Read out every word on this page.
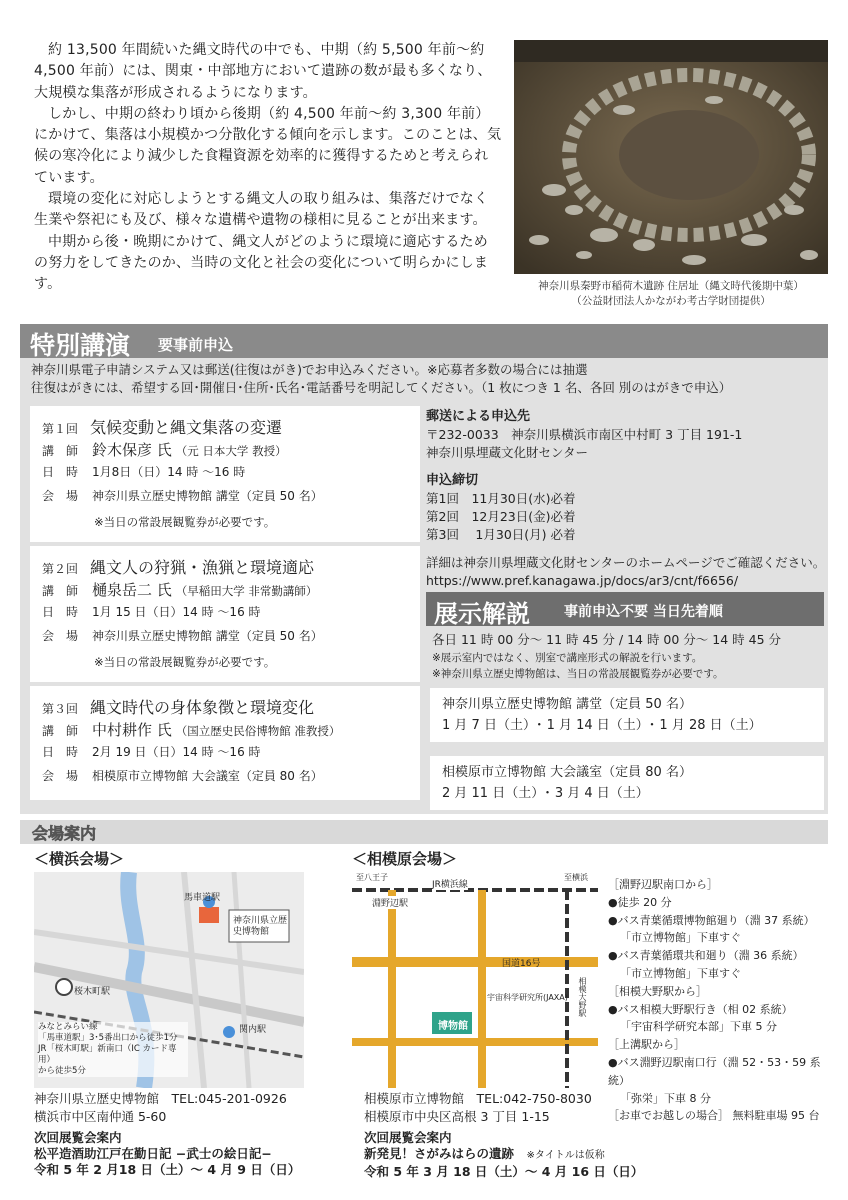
約 13,500 年間続いた縄文時代の中でも、中期（約 5,500 年前〜約 4,500 年前）には、関東・中部地方において遺跡の数が最も多くなり、大規模な集落が形成されるようになります。

しかし、中期の終わり頃から後期（約 4,500 年前〜約 3,300 年前）にかけて、集落は小規模かつ分散化する傾向を示します。このことは、気候の寒冷化により減少した食糧資源を効率的に獲得するためと考えられています。

環境の変化に対応しようとする縄文人の取り組みは、集落だけでなく生業や祭祀にも及び、様々な遺構や遺物の様相に見ることが出来ます。

中期から後・晩期にかけて、縄文人がどのように環境に適応するための努力をしてきたのか、当時の文化と社会の変化について明らかにします。	神奈川県秦野市稲荷木遺跡 住居址（縄文時代後期中葉）
（公益財団法人かながわ考古学財団提供）
特別講演 要事前申込
神奈川県電子申請システム又は郵送(往復はがき)でお申込みください。※応募者多数の場合には抽選
往復はがきには、希望する回･開催日･住所･氏名･電話番号を明記してください。（1 枚につき 1 名、各回 別のはがきで申込）
第１回 気候変動と縄文集落の変遷
講　師 鈴木保彦 氏 （元 日本大学 教授）
日　時	1月8日（日）14 時 〜16 時
会　場	神奈川県立歴史博物館 講堂（定員 50 名）
※当日の常設展観覧券が必要です。
第２回 縄文人の狩猟・漁猟と環境適応
講　師 樋泉岳二 氏 （早稲田大学 非常勤講師）
日　時	1月 15 日（日）14 時 〜16 時
会　場	神奈川県立歴史博物館 講堂（定員 50 名）
※当日の常設展観覧券が必要です。
第３回 縄文時代の身体象徴と環境変化
講　師 中村耕作 氏 （国立歴史民俗博物館 准教授）
日　時	2月 19 日（日）14 時 〜16 時
会　場	相模原市立博物館 大会議室（定員 80 名）
郵送による申込先
〒232-0033　神奈川県横浜市南区中村町 3 丁目 191-1
神奈川県埋蔵文化財センター
申込締切
第1回　11月30日(水)必着
第2回　12月23日(金)必着
第3回　 1月30日(月) 必着
詳細は神奈川県埋蔵文化財センターのホームページでご確認ください。
https://www.pref.kanagawa.jp/docs/ar3/cnt/f6656/
展示解説 事前申込不要 当日先着順
各日 11 時 00 分〜 11 時 45 分 / 14 時 00 分〜 14 時 45 分
※展示室内ではなく、別室で講座形式の解説を行います。
※神奈川県立歴史博物館は、当日の常設展観覧券が必要です。
神奈川県立歴史博物館 講堂（定員 50 名）
1 月 7 日（土）･ 1 月 14 日（土）･ 1 月 28 日（土）
相模原市立博物館 大会議室（定員 80 名）
2 月 11 日（土）･ 3 月 4 日（土）
会場案内
＜横浜会場＞	＜相模原会場＞
神奈川県立歴史博物館
馬車道駅
関内駅
桜木町駅
みなとみらい線
「馬車道駅」3･5番出口から徒歩1分
JR「桜木町駅」新南口（IC カード専用）
から徒歩5分
博物館
淵野辺駅
JR横浜線
国道16号
宇宙科学研究所(JAXA)
至八王子	至横浜
相模大野駅
神奈川県立歴史博物館　 TEL:045-201-0926
横浜市中区南仲通 5-60
相模原市立博物館　 TEL:042-750-8030
相模原市中央区高根 3 丁目 1-15
次回展覧会案内
松平造酒助江戸在勤日記 −武士の絵日記−
令和 5 年 2 月18 日（土）〜 4 月 9 日（日）
次回展覧会案内
新発見！さがみはらの遺跡　 ※タイトルは仮称
令和 5 年 3 月 18 日（土）〜 4 月 16 日（日）
［淵野辺駅南口から］
●徒歩 20 分
●バス青葉循環博物館廻り（淵 37 系統）
「市立博物館」下車すぐ
●バス青葉循環共和廻り（淵 36 系統）
「市立博物館」下車すぐ
［相模大野駅から］
●バス相模大野駅行き（相 02 系統）
「宇宙科学研究本部」下車 5 分
［上溝駅から］
●バス淵野辺駅南口行（淵 52・53・59 系統）
「弥栄」下車 8 分
［お車でお越しの場合］ 無料駐車場 95 台
